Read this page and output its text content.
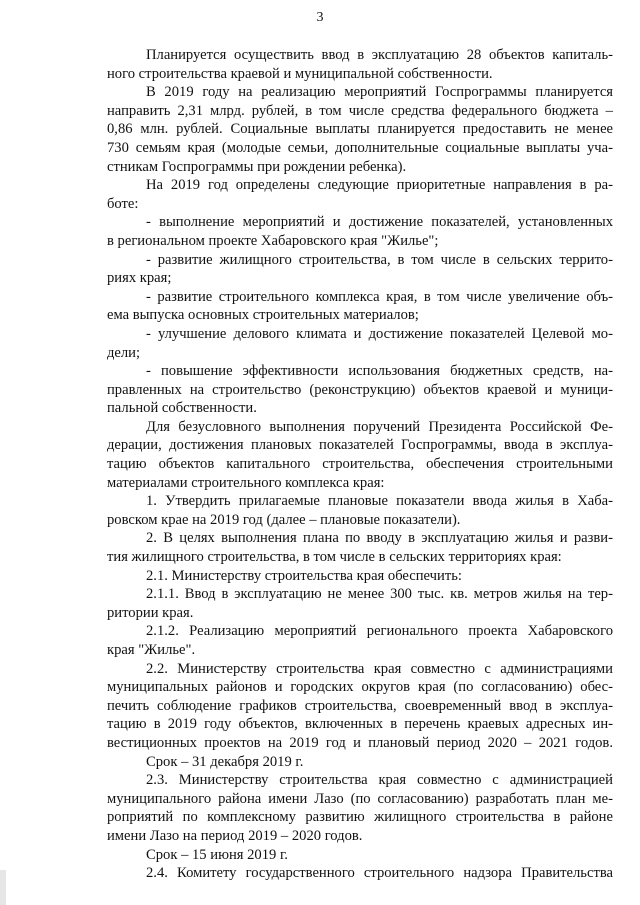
3
Планируется осуществить ввод в эксплуатацию 28 объектов капиталь-
ного строительства краевой и муниципальной собственности.
В 2019 году на реализацию мероприятий Госпрограммы планируется
направить 2,31 млрд. рублей, в том числе средства федерального бюджета –
0,86 млн. рублей. Социальные выплаты планируется предоставить не менее
730 семьям края (молодые семьи, дополнительные социальные выплаты уча-
стникам Госпрограммы при рождении ребенка).
На 2019 год определены следующие приоритетные направления в ра-
боте:
- выполнение мероприятий и достижение показателей, установленных
в региональном проекте Хабаровского края "Жилье";
- развитие жилищного строительства, в том числе в сельских террито-
риях края;
- развитие строительного комплекса края, в том числе увеличение объ-
ема выпуска основных строительных материалов;
- улучшение делового климата и достижение показателей Целевой мо-
дели;
- повышение эффективности использования бюджетных средств, на-
правленных на строительство (реконструкцию) объектов краевой и муници-
пальной собственности.
Для безусловного выполнения поручений Президента Российской Фе-
дерации, достижения плановых показателей Госпрограммы, ввода в эксплуа-
тацию объектов капитального строительства, обеспечения строительными
материалами строительного комплекса края:
1. Утвердить прилагаемые плановые показатели ввода жилья в Хаба-
ровском крае на 2019 год (далее – плановые показатели).
2. В целях выполнения плана по вводу в эксплуатацию жилья и разви-
тия жилищного строительства, в том числе в сельских территориях края:
2.1. Министерству строительства края обеспечить:
2.1.1. Ввод в эксплуатацию не менее 300 тыс. кв. метров жилья на тер-
ритории края.
2.1.2. Реализацию мероприятий регионального проекта Хабаровского
края "Жилье".
2.2. Министерству строительства края совместно с администрациями
муниципальных районов и городских округов края (по согласованию) обес-
печить соблюдение графиков строительства, своевременный ввод в эксплуа-
тацию в 2019 году объектов, включенных в перечень краевых адресных ин-
вестиционных проектов на 2019 год и плановый период 2020 – 2021 годов.
Срок – 31 декабря 2019 г.
2.3. Министерству строительства края совместно с администрацией
муниципального района имени Лазо (по согласованию) разработать план ме-
роприятий по комплексному развитию жилищного строительства в районе
имени Лазо на период 2019 – 2020 годов.
Срок – 15 июня 2019 г.
2.4. Комитету государственного строительного надзора Правительства
